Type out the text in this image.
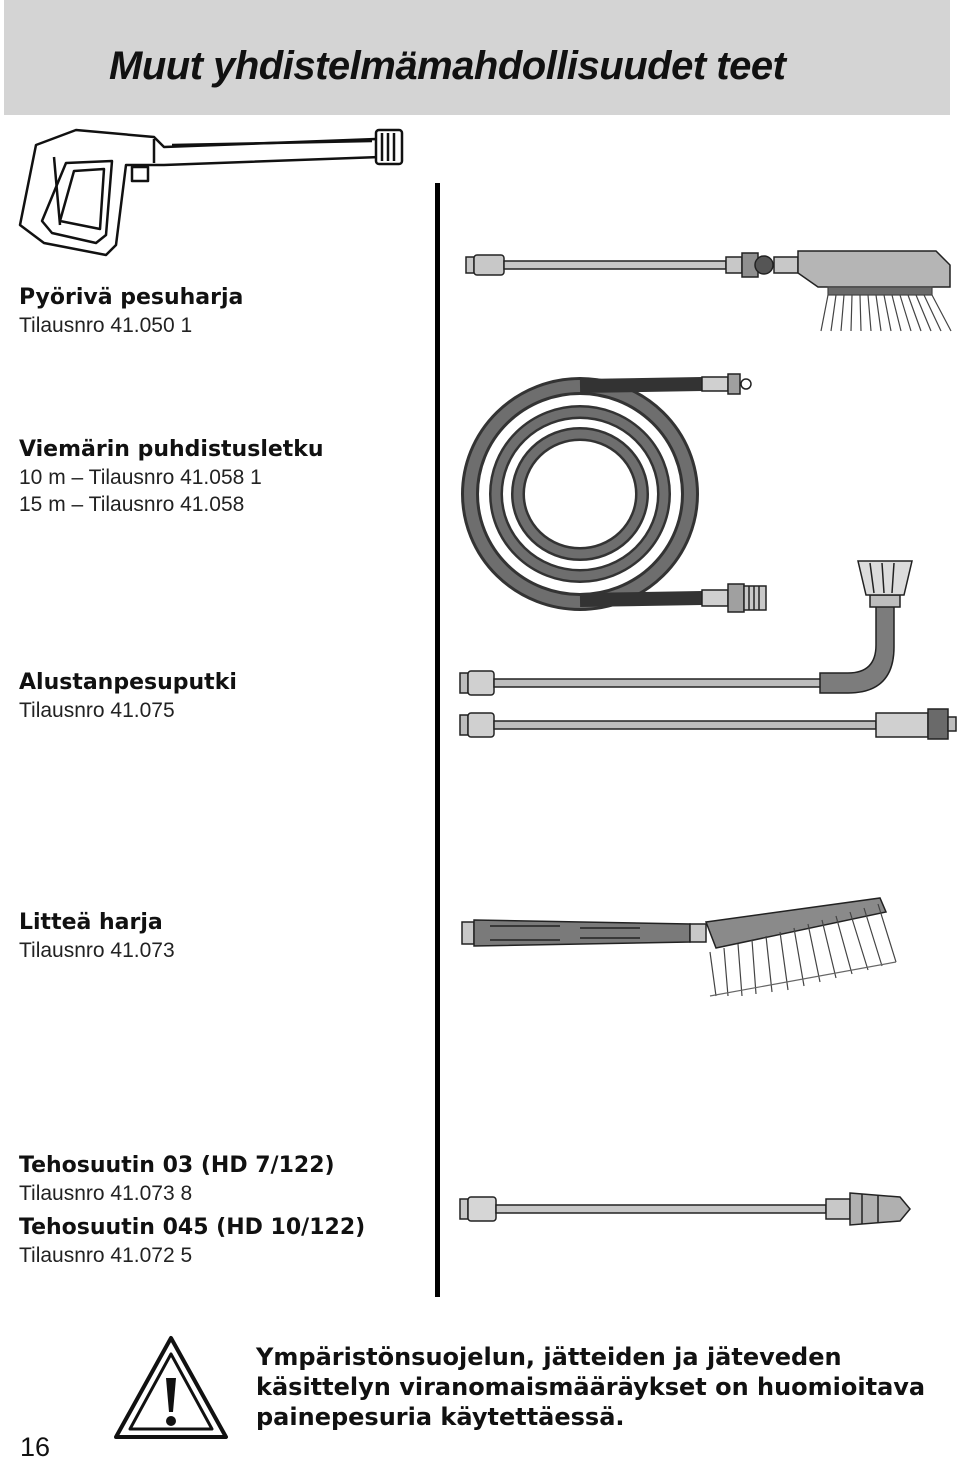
Muut yhdistelmämahdollisuudet teet
Pyörivä pesuharja
Tilausnro 41.050 1
Viemärin puhdistusletku
10 m – Tilausnro 41.058 1
15 m – Tilausnro 41.058
Alustanpesuputki
Tilausnro 41.075
Litteä harja
Tilausnro 41.073
Tehosuutin 03 (HD 7/122)
Tilausnro 41.073 8
Tehosuutin 045 (HD 10/122)
Tilausnro 41.072 5
Ympäristönsuojelun, jätteiden ja jäteveden käsittelyn viranomaismääräykset on huomioitava painepesuria käytettäessä.
16
